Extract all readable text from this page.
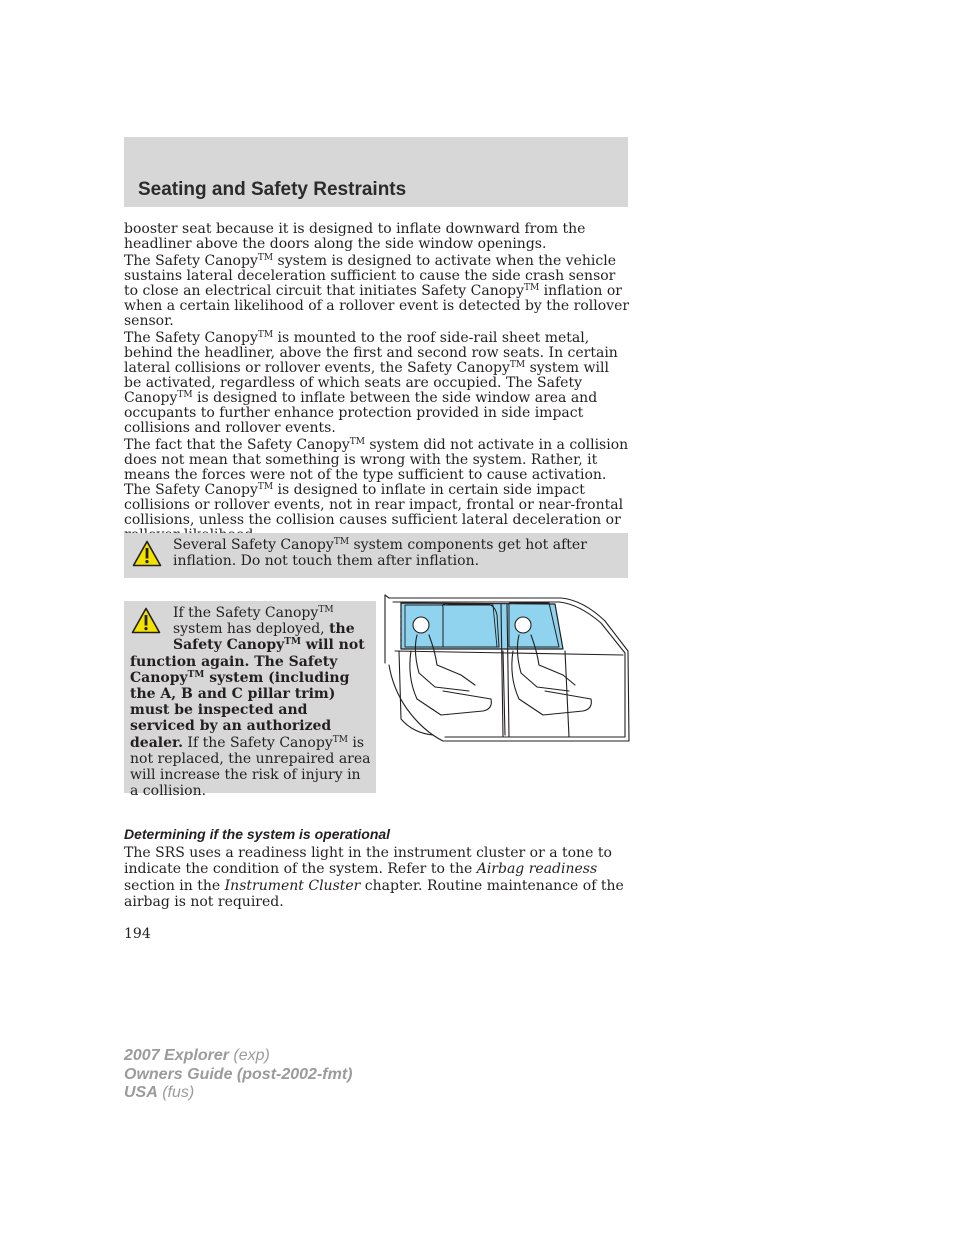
Seating and Safety Restraints

booster seat because it is designed to inflate downward from the headliner above the doors along the side window openings.

The Safety Canopy™ system is designed to activate when the vehicle sustains lateral deceleration sufficient to cause the side crash sensor to close an electrical circuit that initiates Safety Canopy™ inflation or when a certain likelihood of a rollover event is detected by the rollover sensor.

The Safety Canopy™ is mounted to the roof side-rail sheet metal, behind the headliner, above the first and second row seats. In certain lateral collisions or rollover events, the Safety Canopy™ system will be activated, regardless of which seats are occupied. The Safety Canopy™ is designed to inflate between the side window area and occupants to further enhance protection provided in side impact collisions and rollover events.

The fact that the Safety Canopy™ system did not activate in a collision does not mean that something is wrong with the system. Rather, it means the forces were not of the type sufficient to cause activation. The Safety Canopy™ is designed to inflate in certain side impact collisions or rollover events, not in rear impact, frontal or near-frontal collisions, unless the collision causes sufficient lateral deceleration or

Several Safety Canopy™ system components get hot after inflation. Do not touch them after inflation.
If the Safety Canopy™ system has deployed, the Safety Canopy™ will not function again. The Safety Canopy™ system (including the A, B and C pillar trim) must be inspected and serviced by an authorized dealer. If the Safety Canopy™ is not replaced, the unrepaired area will increase the risk of injury in a collision.
Determining if the system is operational

The SRS uses a readiness light in the instrument cluster or a tone to indicate the condition of the system. Refer to the Airbag readiness section in the Instrument Cluster chapter. Routine maintenance of the airbag is not required.

194
2007 Explorer (exp)
Owners Guide (post-2002-fmt)
USA (fus)
